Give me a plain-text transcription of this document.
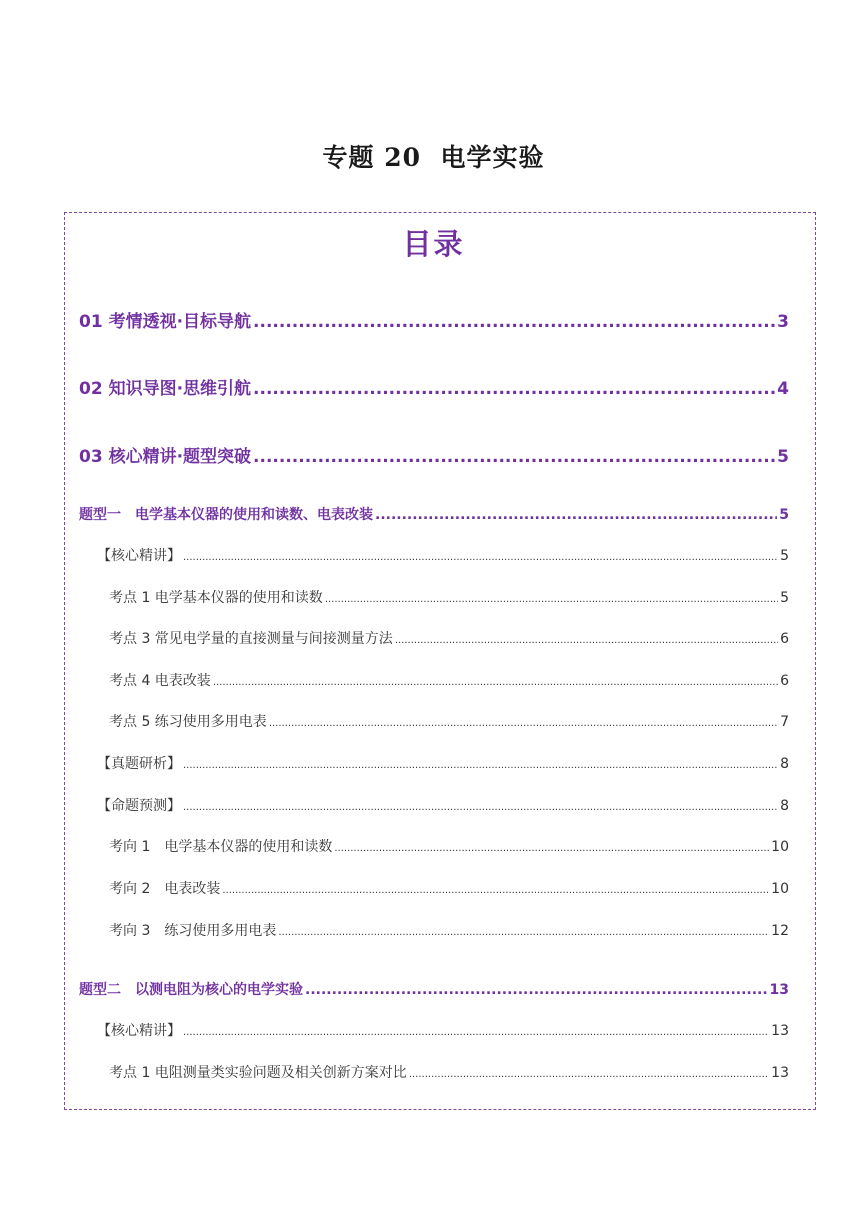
专题 20  电学实验
目录
01 考情透视·目标导航 .....	3
02 知识导图·思维引航 .....	4
03 核心精讲·题型突破 .....	5
题型一　电学基本仪器的使用和读数、电表改装 .....	5
【核心精讲】 .....	5
考点 1 电学基本仪器的使用和读数 .....	5
考点 3 常见电学量的直接测量与间接测量方法 .....	6
考点 4 电表改装 .....	6
考点 5 练习使用多用电表 .....	7
【真题研析】 .....	8
【命题预测】 .....	8
考向 1　电学基本仪器的使用和读数 .....	10
考向 2　电表改装 .....	10
考向 3　练习使用多用电表 .....	12
题型二　以测电阻为核心的电学实验 .....	13
【核心精讲】 .....	13
考点 1 电阻测量类实验问题及相关创新方案对比 .....	13
